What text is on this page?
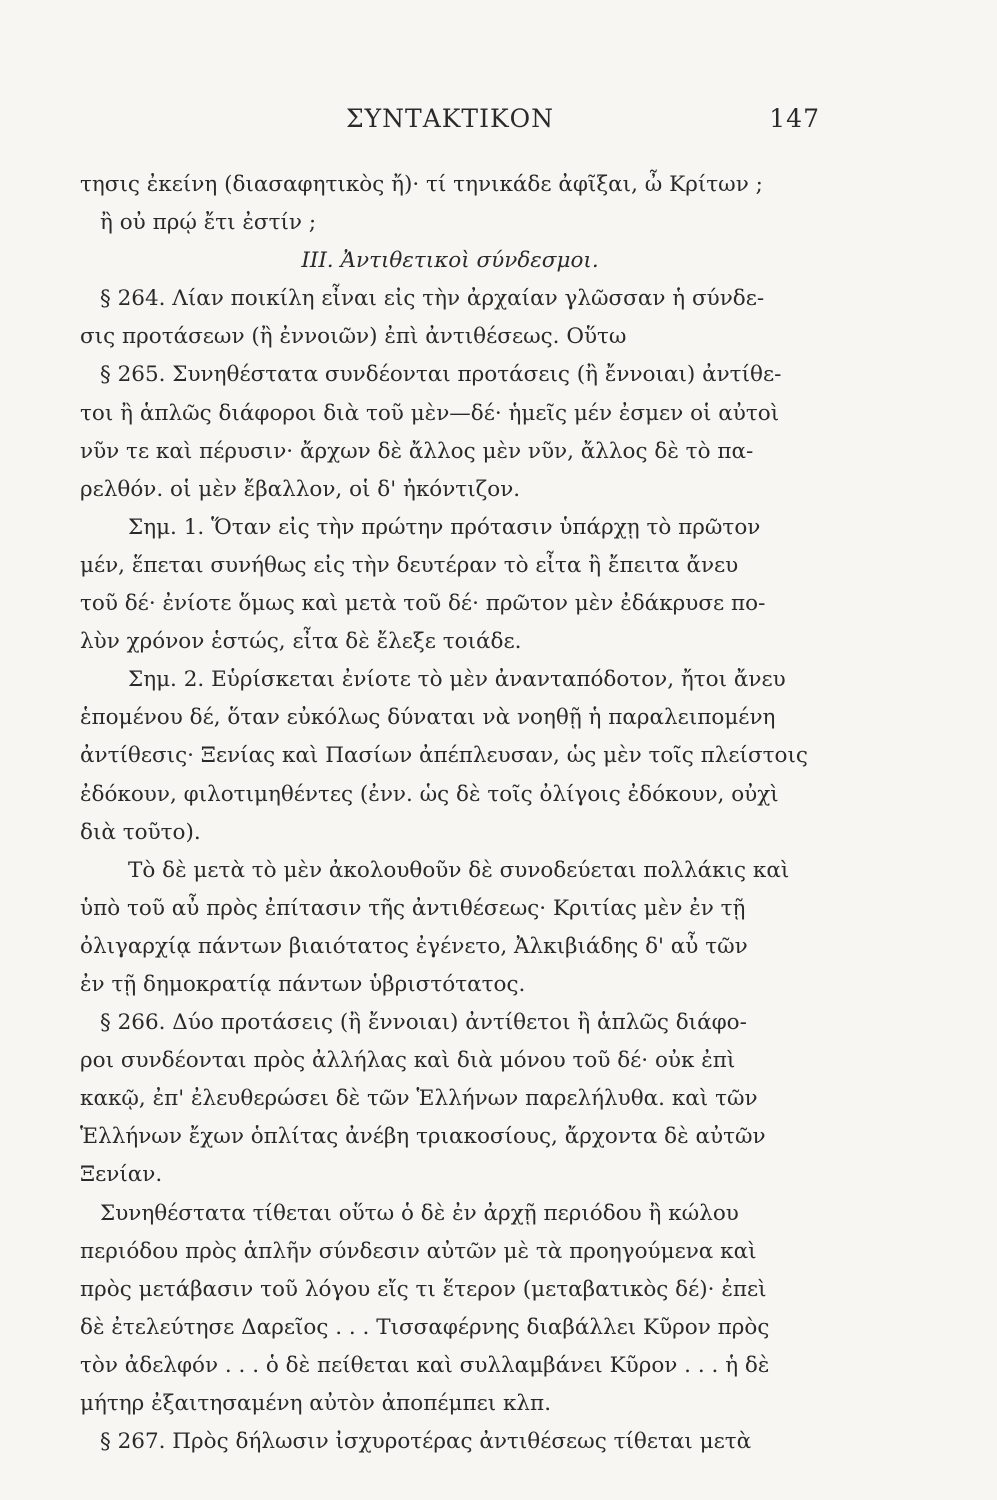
ΣΥΝΤΑΚΤΙΚΟΝ	147
τησις ἐκείνη (διασαφητικὸς ἤ)· τί τηνικάδε ἀφῖξαι, ὦ Κρίτων ;
ἢ οὐ πρῴ ἔτι ἐστίν ;
ΙΙΙ. Ἀντιθετικοὶ σύνδεσμοι.
§ 264. Λίαν ποικίλη εἶναι εἰς τὴν ἀρχαίαν γλῶσσαν ἡ σύνδε-
σις προτάσεων (ἢ ἐννοιῶν) ἐπὶ ἀντιθέσεως. Οὕτω
§ 265. Συνηθέστατα συνδέονται προτάσεις (ἢ ἔννοιαι) ἀντίθε-
τοι ἢ ἁπλῶς διάφοροι διὰ τοῦ μὲν—δέ· ἡμεῖς μέν ἐσμεν οἱ αὐτοὶ
νῦν τε καὶ πέρυσιν· ἄρχων δὲ ἄλλος μὲν νῦν, ἄλλος δὲ τὸ πα-
ρελθόν. οἱ μὲν ἔβαλλον, οἱ δ' ἠκόντιζον.
Σημ. 1. Ὅταν εἰς τὴν πρώτην πρότασιν ὑπάρχῃ τὸ πρῶτον
μέν, ἕπεται συνήθως εἰς τὴν δευτέραν τὸ εἶτα ἢ ἔπειτα ἄνευ
τοῦ δέ· ἐνίοτε ὅμως καὶ μετὰ τοῦ δέ· πρῶτον μὲν ἐδάκρυσε πο-
λὺν χρόνον ἑστώς, εἶτα δὲ ἔλεξε τοιάδε.
Σημ. 2. Εὑρίσκεται ἐνίοτε τὸ μὲν ἀνανταπόδοτον, ἤτοι ἄνευ
ἑπομένου δέ, ὅταν εὐκόλως δύναται νὰ νοηθῇ ἡ παραλειπομένη
ἀντίθεσις· Ξενίας καὶ Πασίων ἀπέπλευσαν, ὡς μὲν τοῖς πλείστοις
ἐδόκουν, φιλοτιμηθέντες (ἐνν. ὡς δὲ τοῖς ὀλίγοις ἐδόκουν, οὐχὶ
διὰ τοῦτο).
Τὸ δὲ μετὰ τὸ μὲν ἀκολουθοῦν δὲ συνοδεύεται πολλάκις καὶ
ὑπὸ τοῦ αὖ πρὸς ἐπίτασιν τῆς ἀντιθέσεως· Κριτίας μὲν ἐν τῇ
ὀλιγαρχίᾳ πάντων βιαιότατος ἐγένετο, Ἀλκιβιάδης δ' αὖ τῶν
ἐν τῇ δημοκρατίᾳ πάντων ὑβριστότατος.
§ 266. Δύο προτάσεις (ἢ ἔννοιαι) ἀντίθετοι ἢ ἁπλῶς διάφο-
ροι συνδέονται πρὸς ἀλλήλας καὶ διὰ μόνου τοῦ δέ· οὐκ ἐπὶ
κακῷ, ἐπ' ἐλευθερώσει δὲ τῶν Ἑλλήνων παρελήλυθα. καὶ τῶν
Ἑλλήνων ἔχων ὁπλίτας ἀνέβη τριακοσίους, ἄρχοντα δὲ αὐτῶν
Ξενίαν.
Συνηθέστατα τίθεται οὕτω ὁ δὲ ἐν ἀρχῇ περιόδου ἢ κώλου
περιόδου πρὸς ἁπλῆν σύνδεσιν αὐτῶν μὲ τὰ προηγούμενα καὶ
πρὸς μετάβασιν τοῦ λόγου εἴς τι ἕτερον (μεταβατικὸς δέ)· ἐπεὶ
δὲ ἐτελεύτησε Δαρεῖος . . . Τισσαφέρνης διαβάλλει Κῦρον πρὸς
τὸν ἀδελφόν . . . ὁ δὲ πείθεται καὶ συλλαμβάνει Κῦρον . . . ἡ δὲ
μήτηρ ἐξαιτησαμένη αὐτὸν ἀποπέμπει κλπ.
§ 267. Πρὸς δήλωσιν ἰσχυροτέρας ἀντιθέσεως τίθεται μετὰ
